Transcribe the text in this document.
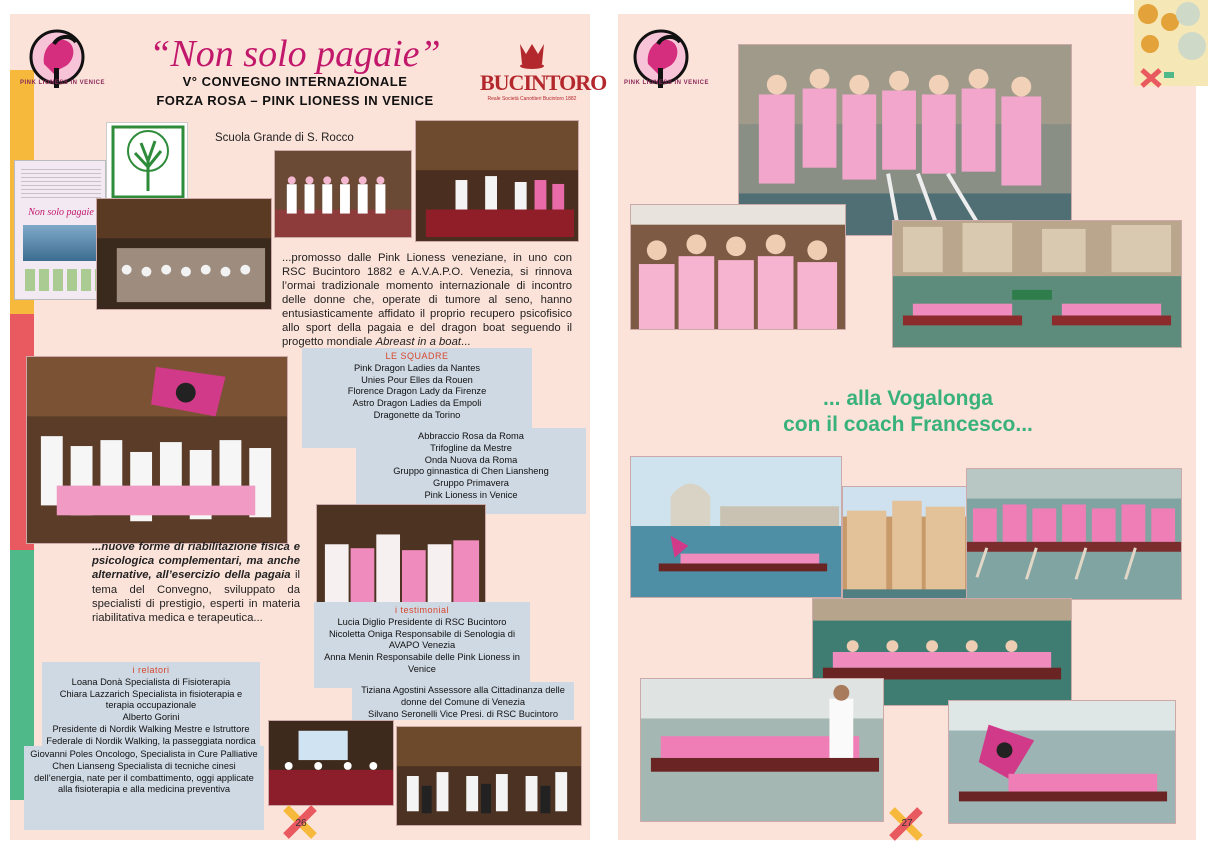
PINK LIONESS IN VENICE
“Non solo pagaie”
V° CONVEGNO INTERNAZIONALE
FORZA ROSA – PINK LIONESS IN VENICE
Scuola Grande di S. Rocco
BUCINTORO
Reale Società Canottieri Bucintoro 1882
Non solo pagaie
...promosso dalle Pink Lioness veneziane, in uno con RSC Bucintoro 1882 e A.V.A.P.O. Venezia, si rinnova l’ormai tradizionale momento internazionale di incontro delle donne che, operate di tumore al seno, hanno entusiasticamente affidato il proprio recupero psicofisico allo sport della pagaia e del dragon boat seguendo il progetto mondiale Abreast in a boat...
LE SQUADRE
Pink Dragon Ladies da Nantes
Unies Pour Elles da Rouen
Florence Dragon Lady da Firenze
Astro Dragon Ladies da Empoli
Dragonette da Torino
Abbraccio Rosa da Roma
Trifogline da Mestre
Onda Nuova da Roma
Gruppo ginnastica di Chen Liansheng
Gruppo Primavera
Pink Lioness in Venice
...nuove forme di riabilitazione fisica e psicologica complementari, ma anche alternative, all’esercizio della pagaia il tema del Convegno, sviluppato da specialisti di prestigio, esperti in materia riabilitativa medica e terapeutica...
i testimonial
Lucia Diglio Presidente di RSC Bucintoro
Nicoletta Oniga Responsabile di Senologia di AVAPO Venezia
Anna Menin Responsabile delle Pink Lioness in Venice
Tiziana Agostini Assessore alla Cittadinanza delle donne del Comune di Venezia
Silvano Seronelli Vice Presi. di RSC Bucintoro
i relatori
Loana Donà Specialista di Fisioterapia
Chiara Lazzarich Specialista in fisioterapia e terapia occupazionale
Alberto Gorini
Presidente di Nordik Walking Mestre e Istruttore Federale di Nordik Walking, la passeggiata nordica
Giovanni Poles Oncologo, Specialista in Cure Palliative
Chen Lianseng Specialista di tecniche cinesi dell’energia, nate per il combattimento, oggi applicate alla fisioterapia e alla medicina preventiva
26
PINK LIONESS IN VENICE
... alla Vogalonga
con il coach Francesco...
27
